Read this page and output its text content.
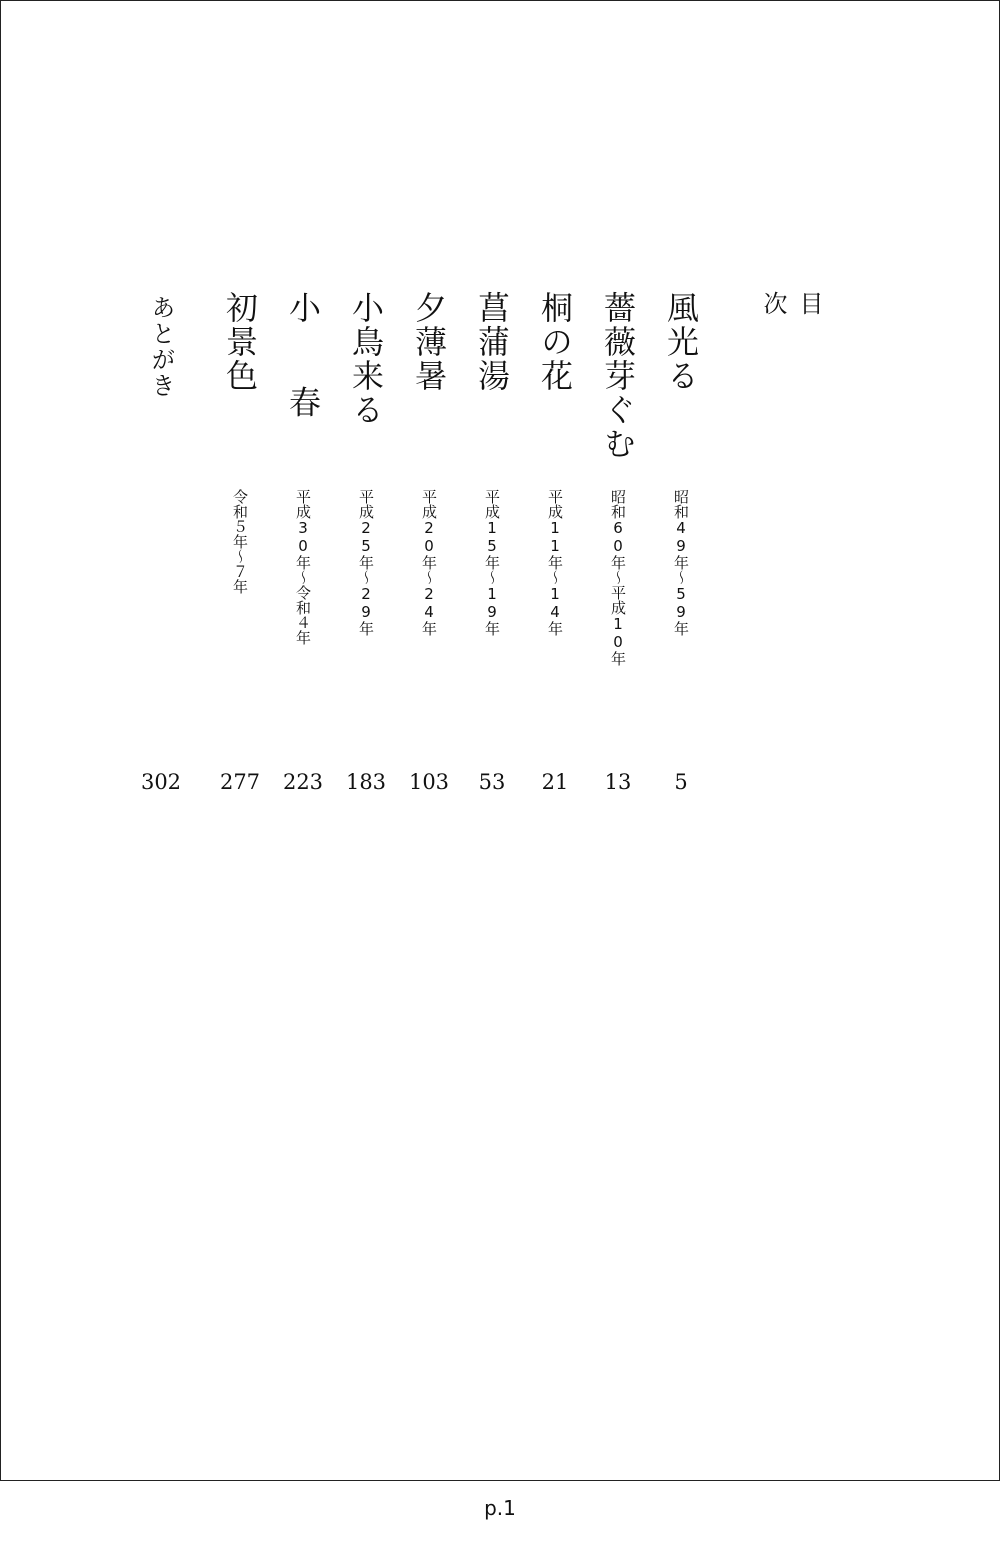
目 次
風光る
昭和49年～59年
5
薔薇芽ぐむ
昭和60年～平成10年
13
桐の花
平成11年～14年
21
菖蒲湯
平成15年～19年
53
夕薄暑
平成20年～24年
103
小鳥来る
平成25年～29年
183
小 春
平成30年～令和４年
223
初景色
令和５年～７年
277
あとがき
302
p.1
